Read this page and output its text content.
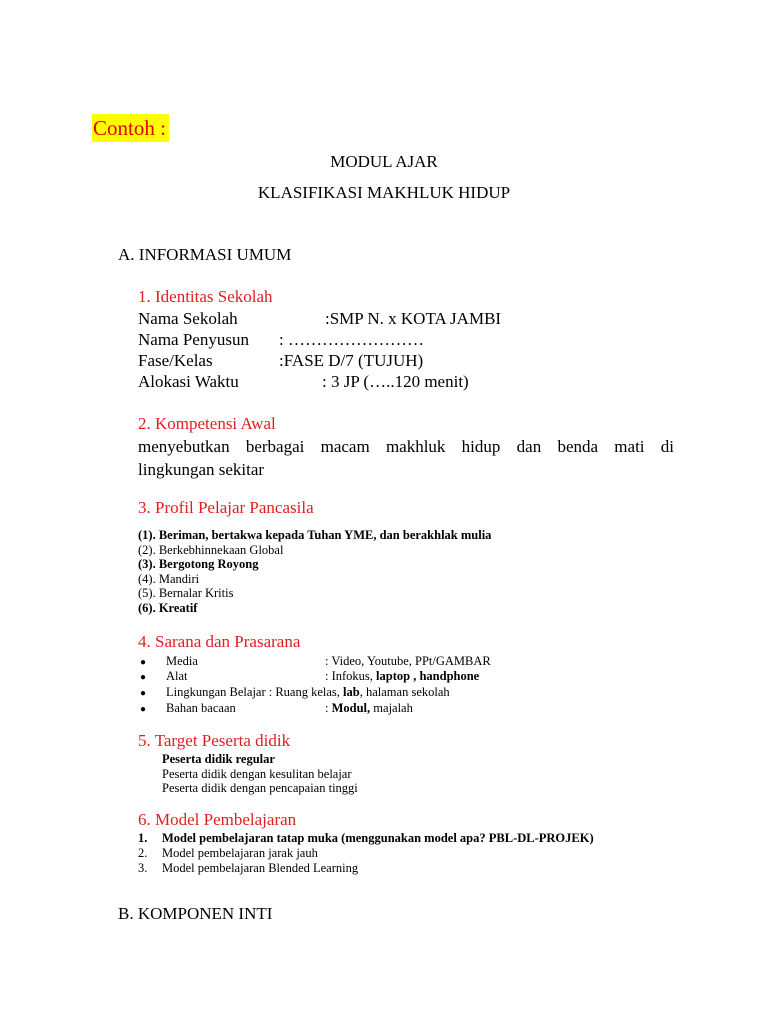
Contoh :
MODUL AJAR
KLASIFIKASI MAKHLUK HIDUP
A. INFORMASI UMUM
1. Identitas Sekolah
Nama Sekolah	:SMP N. x KOTA JAMBI
Nama Penyusun : ……………………
Fase/Kelas	:FASE D/7 (TUJUH)
Alokasi Waktu	: 3 JP (…..120 menit)
2. Kompetensi Awal
menyebutkan berbagai macam makhluk hidup dan benda mati di
lingkungan sekitar
3. Profil Pelajar Pancasila
(1). Beriman, bertakwa kepada Tuhan YME, dan berakhlak mulia
(2). Berkebhinnekaan Global
(3). Bergotong Royong
(4). Mandiri
(5). Bernalar Kritis
(6). Kreatif
4. Sarana dan Prasarana
● Media	: Video, Youtube, PPt/GAMBAR
● Alat	: Infokus, laptop , handphone
● Lingkungan Belajar : Ruang kelas, lab, halaman sekolah
● Bahan bacaan	: Modul, majalah
5. Target Peserta didik
Peserta didik regular
Peserta didik dengan kesulitan belajar
Peserta didik dengan pencapaian tinggi
6. Model Pembelajaran
1. Model pembelajaran tatap muka (menggunakan model apa? PBL-DL-PROJEK)
2. Model pembelajaran jarak jauh
3. Model pembelajaran Blended Learning
B. KOMPONEN INTI
